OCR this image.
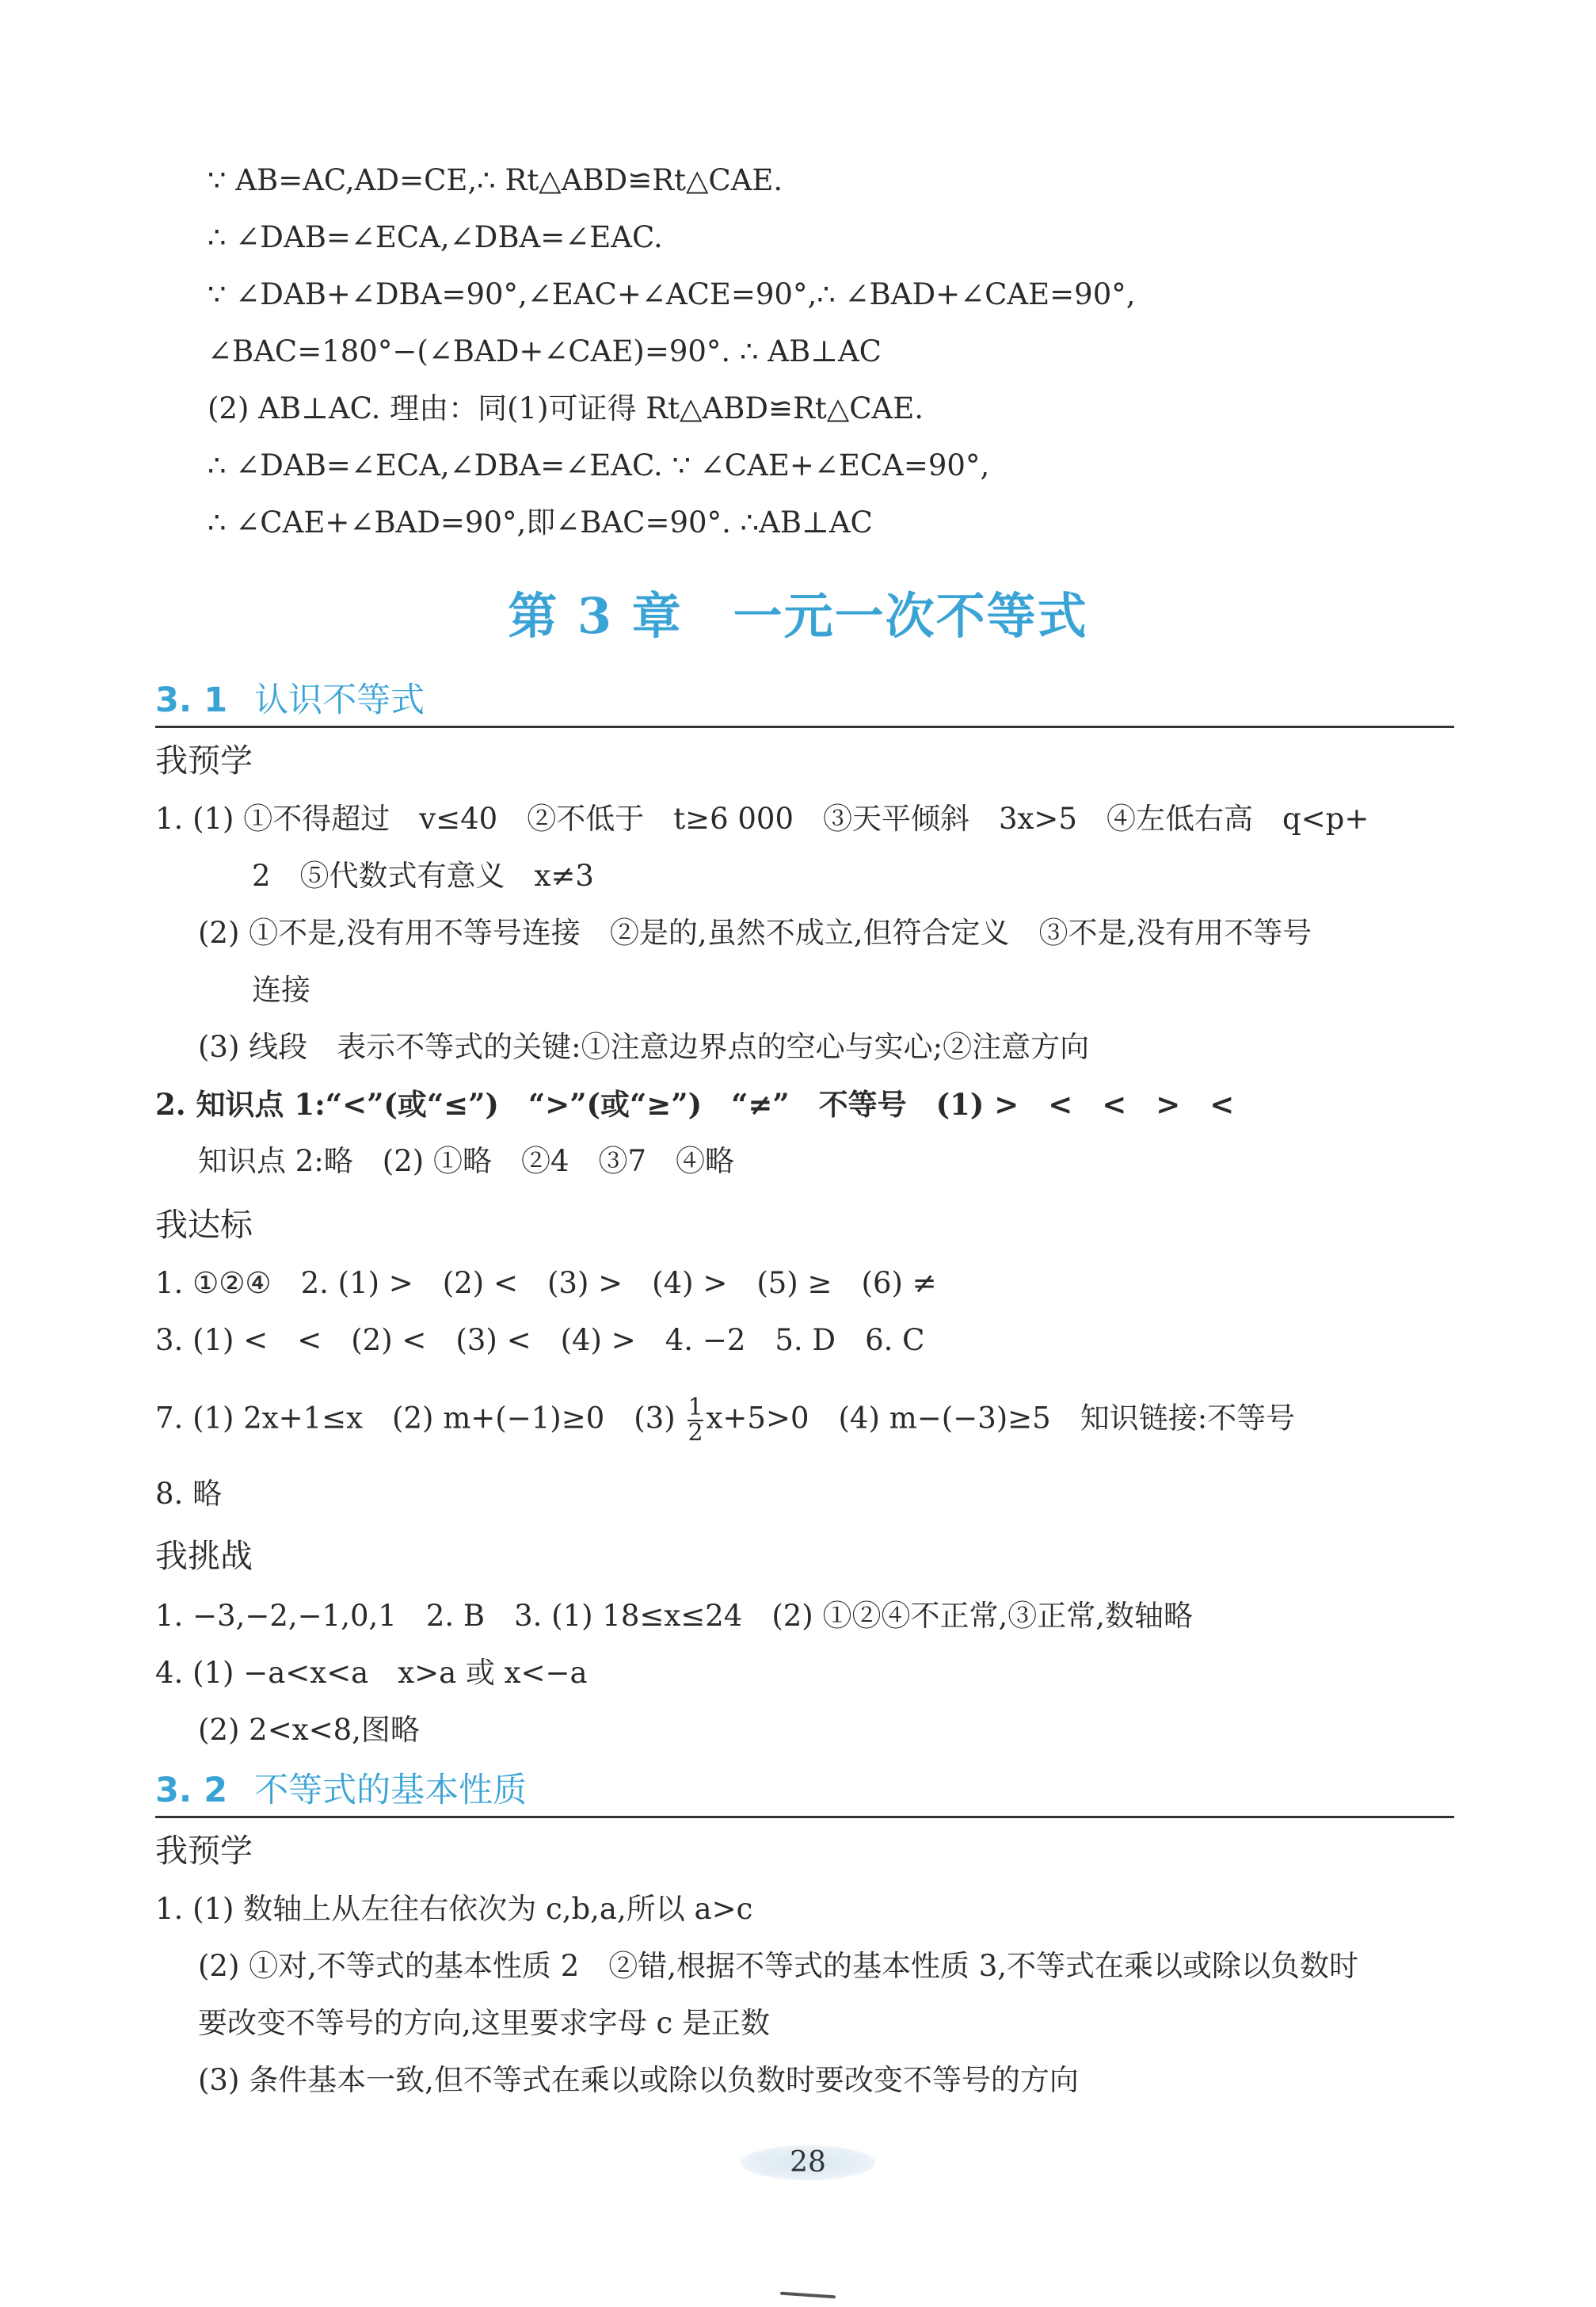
∵ AB=AC,AD=CE,∴ Rt△ABD≌Rt△CAE.
∴ ∠DAB=∠ECA,∠DBA=∠EAC.
∵ ∠DAB+∠DBA=90°,∠EAC+∠ACE=90°,∴ ∠BAD+∠CAE=90°,
∠BAC=180°−(∠BAD+∠CAE)=90°. ∴ AB⊥AC
(2) AB⊥AC. 理由：同(1)可证得 Rt△ABD≌Rt△CAE.
∴ ∠DAB=∠ECA,∠DBA=∠EAC. ∵ ∠CAE+∠ECA=90°,
∴ ∠CAE+∠BAD=90°,即∠BAC=90°. ∴AB⊥AC
第 3 章　一元一次不等式
3. 1 认识不等式
我预学
1. (1) ①不得超过　v≤40　②不低于　t≥6 000　③天平倾斜　3x>5　④左低右高　q<p+
2　⑤代数式有意义　x≠3
(2) ①不是,没有用不等号连接　②是的,虽然不成立,但符合定义　③不是,没有用不等号
连接
(3) 线段　表示不等式的关键:①注意边界点的空心与实心;②注意方向
2. 知识点 1:“<”(或“≤”)　“>”(或“≥”)　“≠”　不等号　(1) >　<　<　>　<
知识点 2:略　(2) ①略　②4　③7　④略
我达标
1. ①②④　2. (1) >　(2) <　(3) >　(4) >　(5) ≥　(6) ≠
3. (1) <　<　(2) <　(3) <　(4) >　4. −2　5. D　6. C
7. (1) 2x+1≤x　(2) m+(−1)≥0　$(3) \frac{1}{2} x+5>0$　(4) m−(−3)≥5　知识链接:不等号
8. 略
我挑战
1. −3,−2,−1,0,1　2. B　3. (1) 18≤x≤24　(2) ①②④不正常,③正常,数轴略
4. (1) −a<x<a　x>a 或 x<−a
(2) 2<x<8,图略
3. 2 不等式的基本性质
我预学
1. (1) 数轴上从左往右依次为 c,b,a,所以 a>c
(2) ①对,不等式的基本性质 2　②错,根据不等式的基本性质 3,不等式在乘以或除以负数时
要改变不等号的方向,这里要求字母 c 是正数
(3) 条件基本一致,但不等式在乘以或除以负数时要改变不等号的方向
28
